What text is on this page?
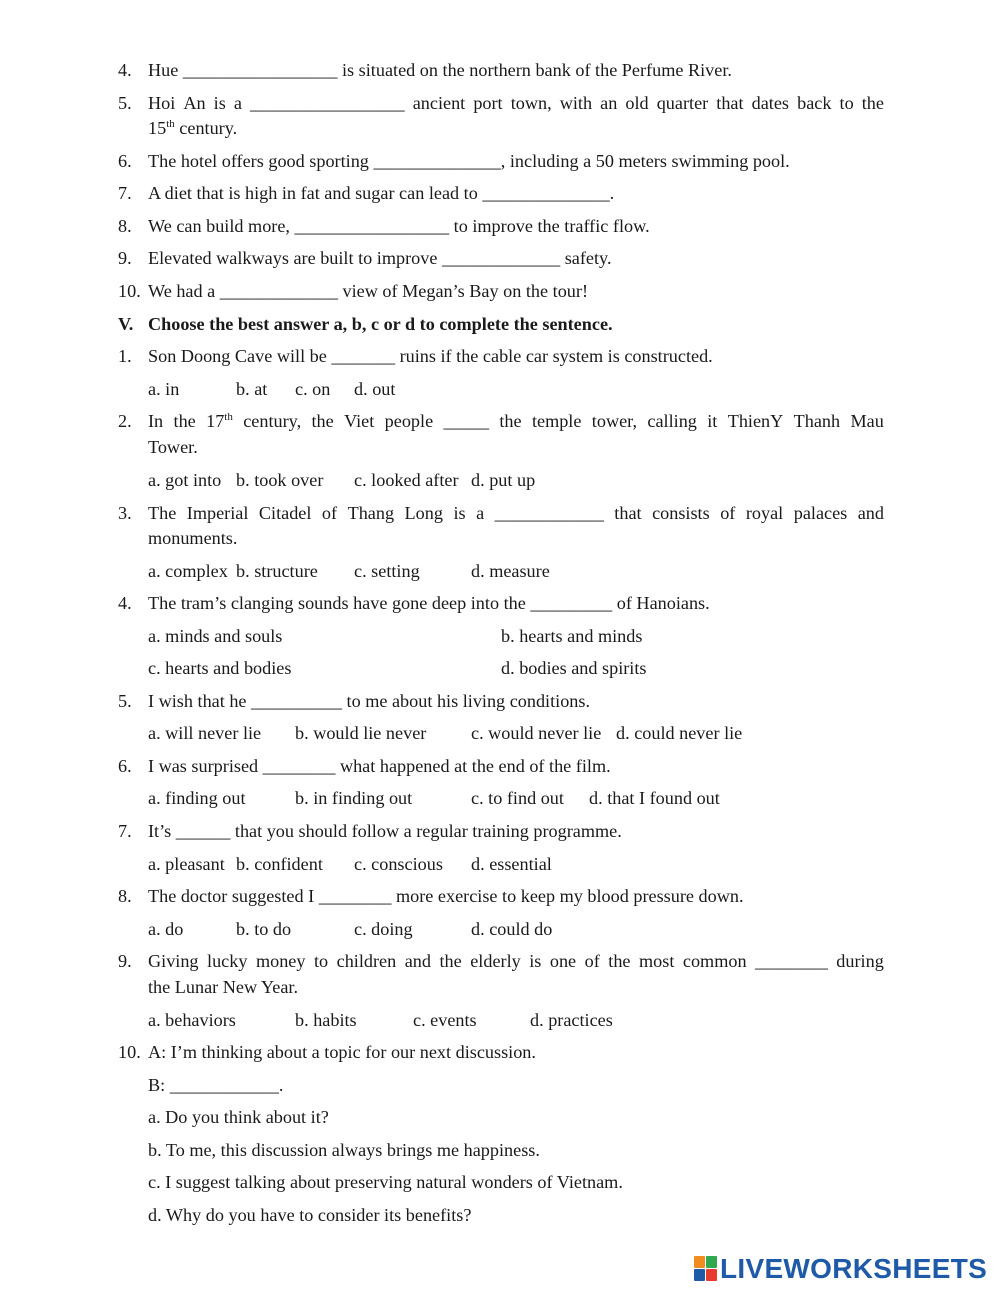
4. Hue _________________ is situated on the northern bank of the Perfume River.
5. Hoi An is a _________________ ancient port town, with an old quarter that dates back to the
15th century.
6. The hotel offers good sporting ______________, including a 50 meters swimming pool.
7. A diet that is high in fat and sugar can lead to ______________.
8. We can build more, _________________ to improve the traffic flow.
9. Elevated walkways are built to improve _____________ safety.
10. We had a _____________ view of Megan’s Bay on the tour!
V. Choose the best answer a, b, c or d to complete the sentence.
1. Son Doong Cave will be _______ ruins if the cable car system is constructed.
a. in	b. at c. on d. out
2. In the 17th century, the Viet people _____ the temple tower, calling it ThienY Thanh Mau
Tower.
a. got into b. took over c. looked after d. put up
3. The Imperial Citadel of Thang Long is a ____________ that consists of royal palaces and
monuments.
a. complex b. structure c. setting	d. measure
4. The tram’s clanging sounds have gone deep into the _________ of Hanoians.
a. minds and souls	b. hearts and minds
c. hearts and bodies	d. bodies and spirits
5. I wish that he __________ to me about his living conditions.
a. will never lie b. would lie never c. would never lie d. could never lie
6. I was surprised ________ what happened at the end of the film.
a. finding out	b. in finding out	c. to find out d. that I found out
7. It’s ______ that you should follow a regular training programme.
a. pleasant b. confident c. conscious d. essential
8. The doctor suggested I ________ more exercise to keep my blood pressure down.
a. do	b. to do	c. doing	d. could do
9. Giving lucky money to children and the elderly is one of the most common ________ during
the Lunar New Year.
a. behaviors	b. habits	c. events	d. practices
10. A: I’m thinking about a topic for our next discussion.
B: ____________.
a. Do you think about it?
b. To me, this discussion always brings me happiness.
c. I suggest talking about preserving natural wonders of Vietnam.
d. Why do you have to consider its benefits?
LIVEWORKSHEETS
